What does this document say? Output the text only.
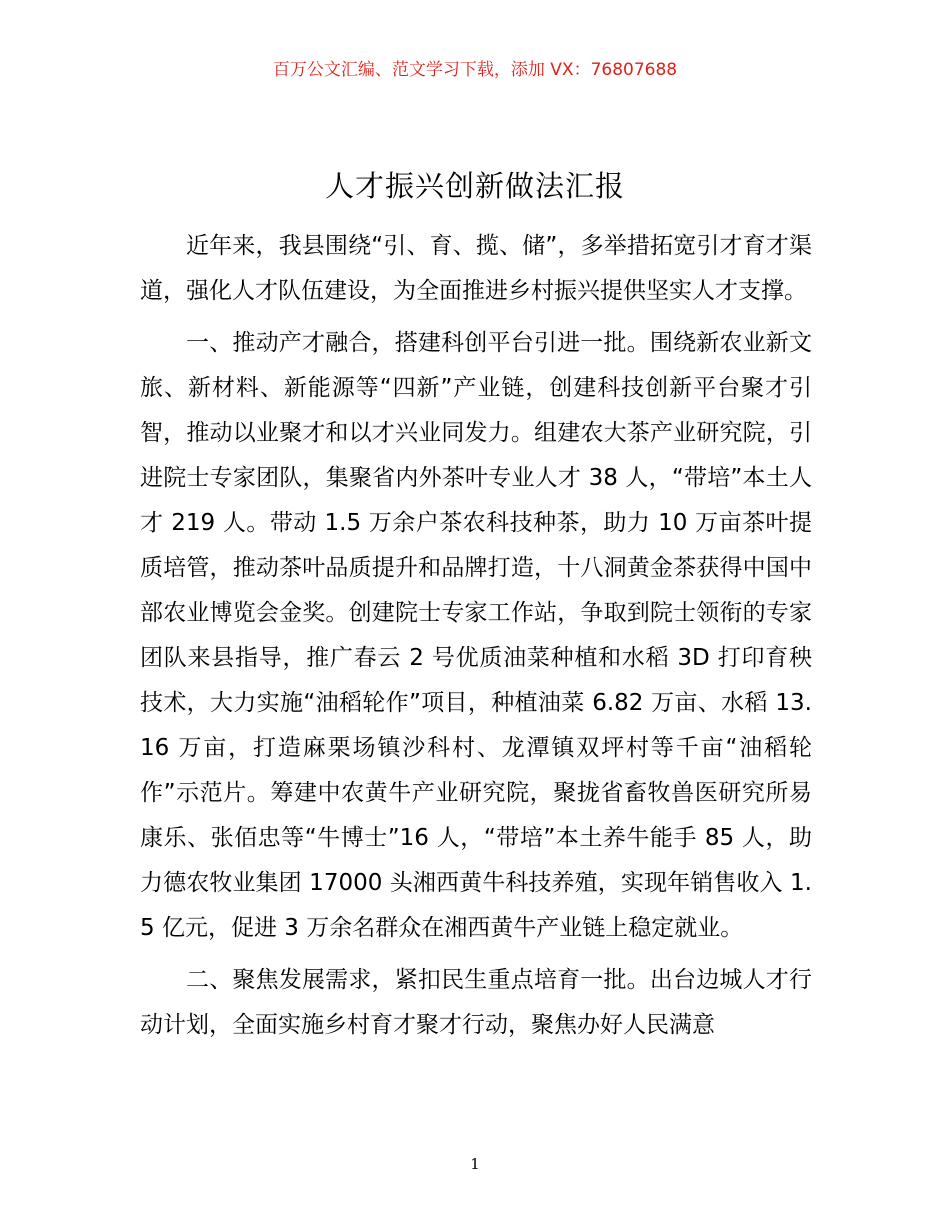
百万公文汇编、范文学习下载，添加 VX：76807688
人才振兴创新做法汇报

近年来，我县围绕“引、育、揽、储”，多举措拓宽引才育才渠道，强化人才队伍建设，为全面推进乡村振兴提供坚实人才支撑。

一、推动产才融合，搭建科创平台引进一批。围绕新农业新文旅、新材料、新能源等“四新”产业链，创建科技创新平台聚才引智，推动以业聚才和以才兴业同发力。组建农大茶产业研究院，引进院士专家团队，集聚省内外茶叶专业人才 38 人，“带培”本土人才 219 人。带动 1.5 万余户茶农科技种茶，助力 10 万亩茶叶提质培管，推动茶叶品质提升和品牌打造，十八洞黄金茶获得中国中部农业博览会金奖。创建院士专家工作站，争取到院士领衔的专家团队来县指导，推广春云 2 号优质油菜种植和水稻 3D 打印育秧技术，大力实施“油稻轮作”项目，种植油菜 6.82 万亩、水稻 13.16 万亩，打造麻栗场镇沙科村、龙潭镇双坪村等千亩“油稻轮作”示范片。筹建中农黄牛产业研究院，聚拢省畜牧兽医研究所易康乐、张佰忠等“牛博士”16 人，“带培”本土养牛能手 85 人，助力德农牧业集团 17000 头湘西黄牛科技养殖，实现年销售收入 1.5 亿元，促进 3 万余名群众在湘西黄牛产业链上稳定就业。

二、聚焦发展需求，紧扣民生重点培育一批。出台边城人才行动计划，全面实施乡村育才聚才行动，聚焦办好人民满意

1
